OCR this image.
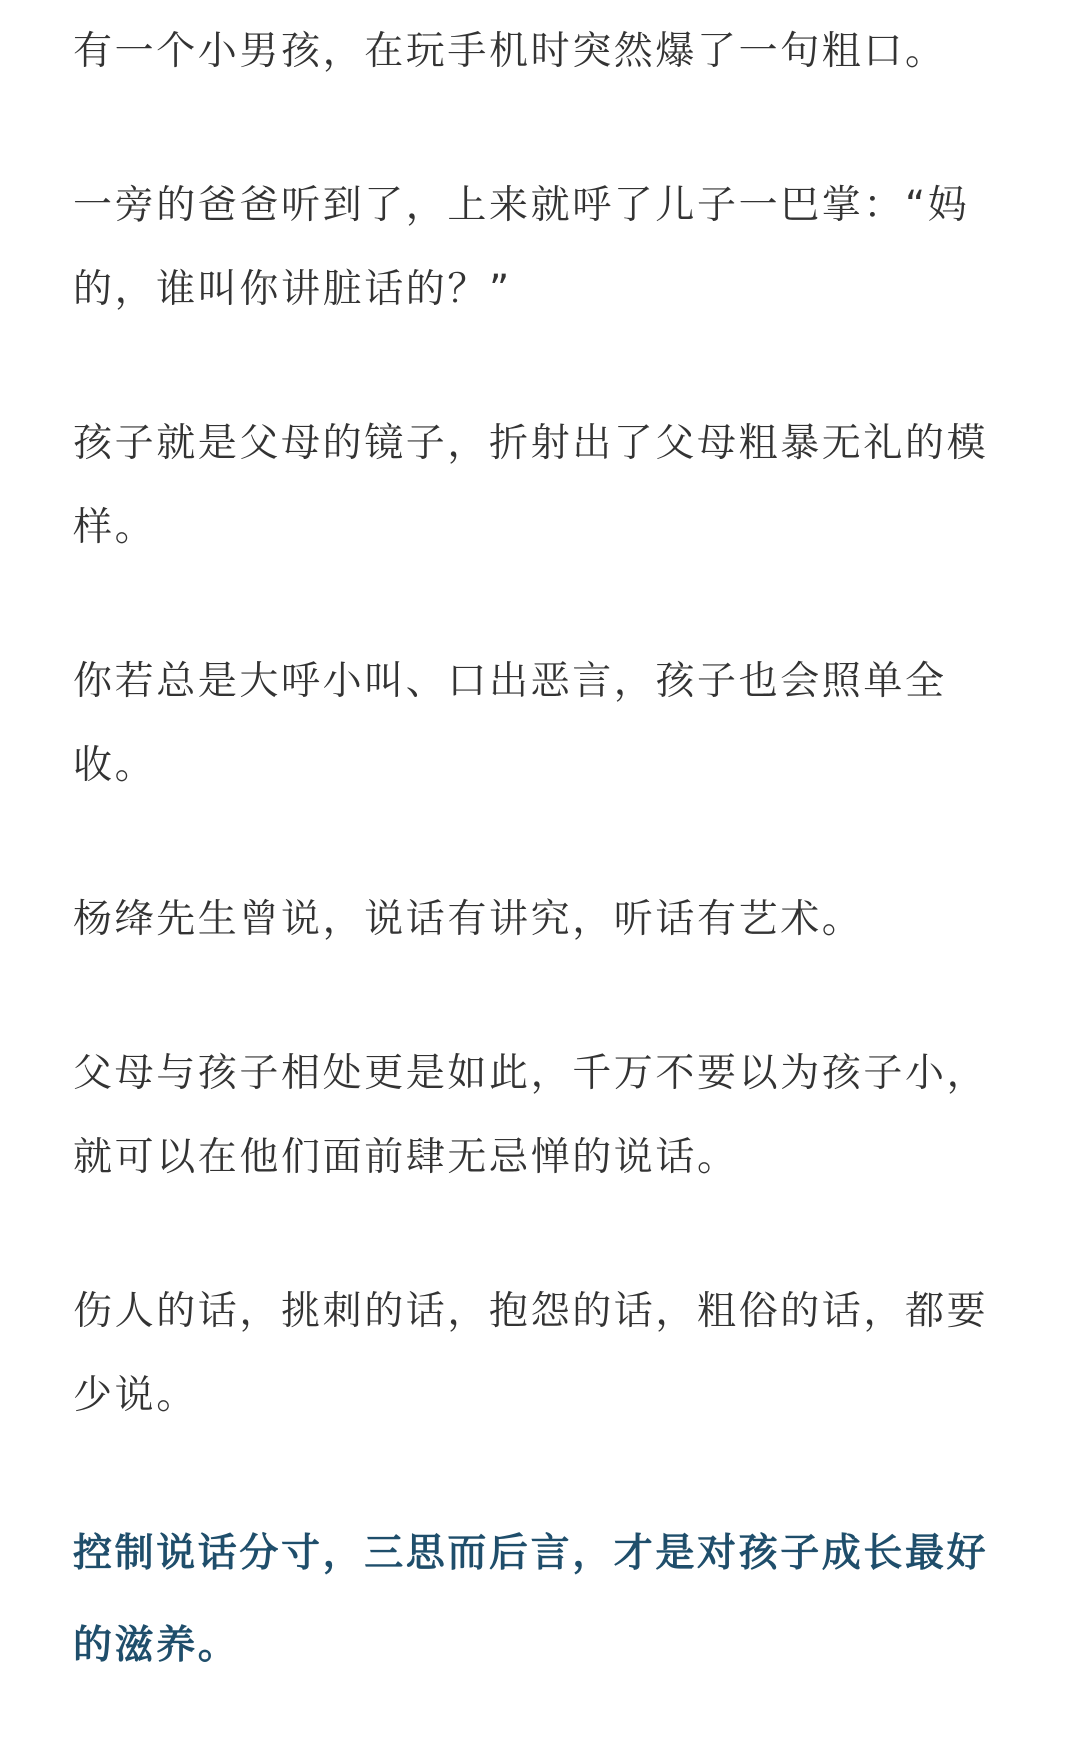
有一个小男孩，在玩手机时突然爆了一句粗口。

一旁的爸爸听到了，上来就呼了儿子一巴掌：“妈的，谁叫你讲脏话的？”

孩子就是父母的镜子，折射出了父母粗暴无礼的模样。

你若总是大呼小叫、口出恶言，孩子也会照单全收。

杨绛先生曾说，说话有讲究，听话有艺术。

父母与孩子相处更是如此，千万不要以为孩子小，就可以在他们面前肆无忌惮的说话。

伤人的话，挑刺的话，抱怨的话，粗俗的话，都要少说。

控制说话分寸，三思而后言，才是对孩子成长最好的滋养。
